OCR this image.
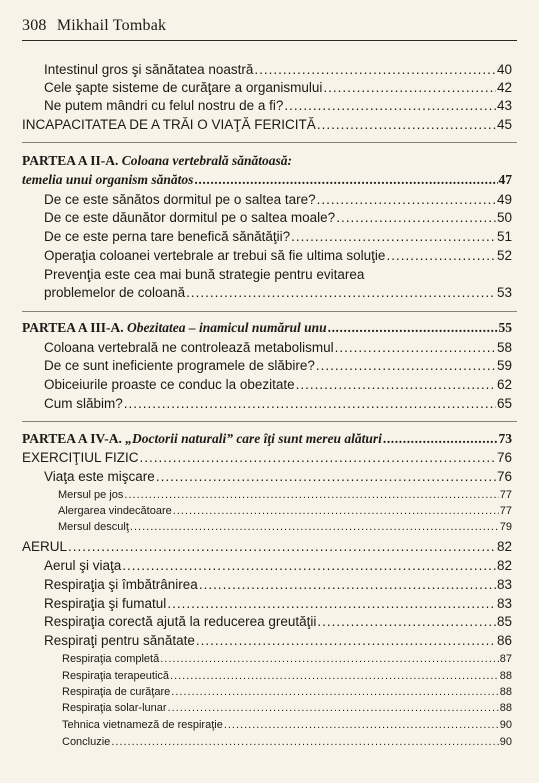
308 Mikhail Tombak
Intestinul gros şi sănătatea noastră .....	40
Cele şapte sisteme de curăţare a organismului .....	42
Ne putem mândri cu felul nostru de a fi? .....	43
INCAPACITATEA DE A TRĂI O VIAŢĂ FERICITĂ .....	45
PARTEA A II-A. Coloana vertebrală sănătoasă:
temelia unui organism sănătos .....	47
De ce este sănătos dormitul pe o saltea tare? .....	49
De ce este dăunător dormitul pe o saltea moale? .....	50
De ce este perna tare benefică sănătăţii? .....	51
Operaţia coloanei vertebrale ar trebui să fie ultima soluţie .....	52
Prevenţia este cea mai bună strategie pentru evitarea
problemelor de coloană .....	53
PARTEA A III-A. Obezitatea – inamicul numărul unu .....	55
Coloana vertebrală ne controlează metabolismul .....	58
De ce sunt ineficiente programele de slăbire? .....	59
Obiceiurile proaste ce conduc la obezitate .....	62
Cum slăbim? .....	65
PARTEA A IV-A. „Doctorii naturali” care îţi sunt mereu alături .....	73
EXERCIŢIUL FIZIC .....	76
Viaţa este mişcare .....	76
Mersul pe jos .....	77
Alergarea vindecătoare .....	77
Mersul desculţ .....	79
AERUL .....	82
Aerul şi viaţa .....	82
Respiraţia şi îmbătrânirea .....	83
Respiraţia şi fumatul .....	83
Respiraţia corectă ajută la reducerea greutăţii .....	85
Respiraţi pentru sănătate .....	86
Respiraţia completă .....	87
Respiraţia terapeutică .....	88
Respiraţia de curăţare .....	88
Respiraţia solar-lunar .....	88
Tehnica vietnameză de respiraţie .....	90
Concluzie .....	90
